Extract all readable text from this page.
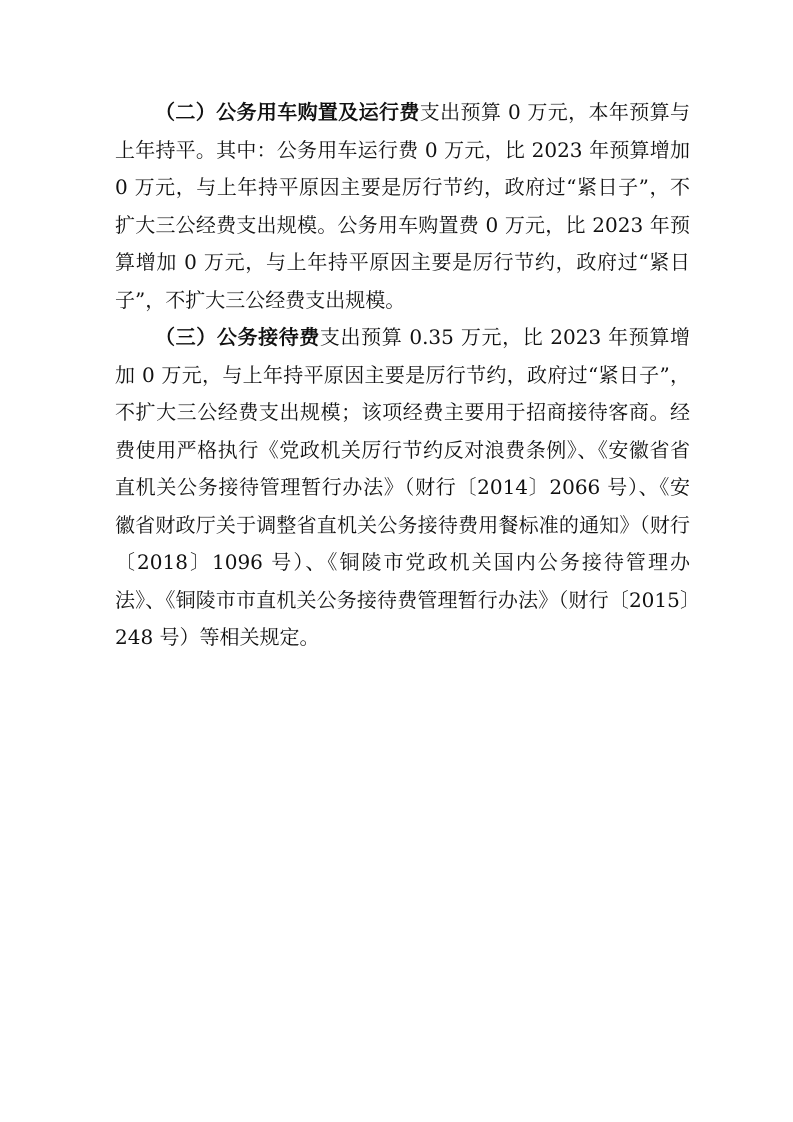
（二）公务用车购置及运行费支出预算 0 万元，本年预算与上年持平。其中：公务用车运行费 0 万元，比 2023 年预算增加 0 万元，与上年持平原因主要是厉行节约，政府过“紧日子”，不扩大三公经费支出规模。公务用车购置费 0 万元，比 2023 年预算增加 0 万元，与上年持平原因主要是厉行节约，政府过“紧日子”，不扩大三公经费支出规模。

（三）公务接待费支出预算 0.35 万元，比 2023 年预算增加 0 万元，与上年持平原因主要是厉行节约，政府过“紧日子”，不扩大三公经费支出规模；该项经费主要用于招商接待客商。经费使用严格执行《党政机关厉行节约反对浪费条例》、《安徽省省直机关公务接待管理暂行办法》（财行〔2014〕2066 号）、《安徽省财政厅关于调整省直机关公务接待费用餐标准的通知》（财行〔2018〕1096 号）、《铜陵市党政机关国内公务接待管理办法》、《铜陵市市直机关公务接待费管理暂行办法》（财行〔2015〕248 号）等相关规定。
